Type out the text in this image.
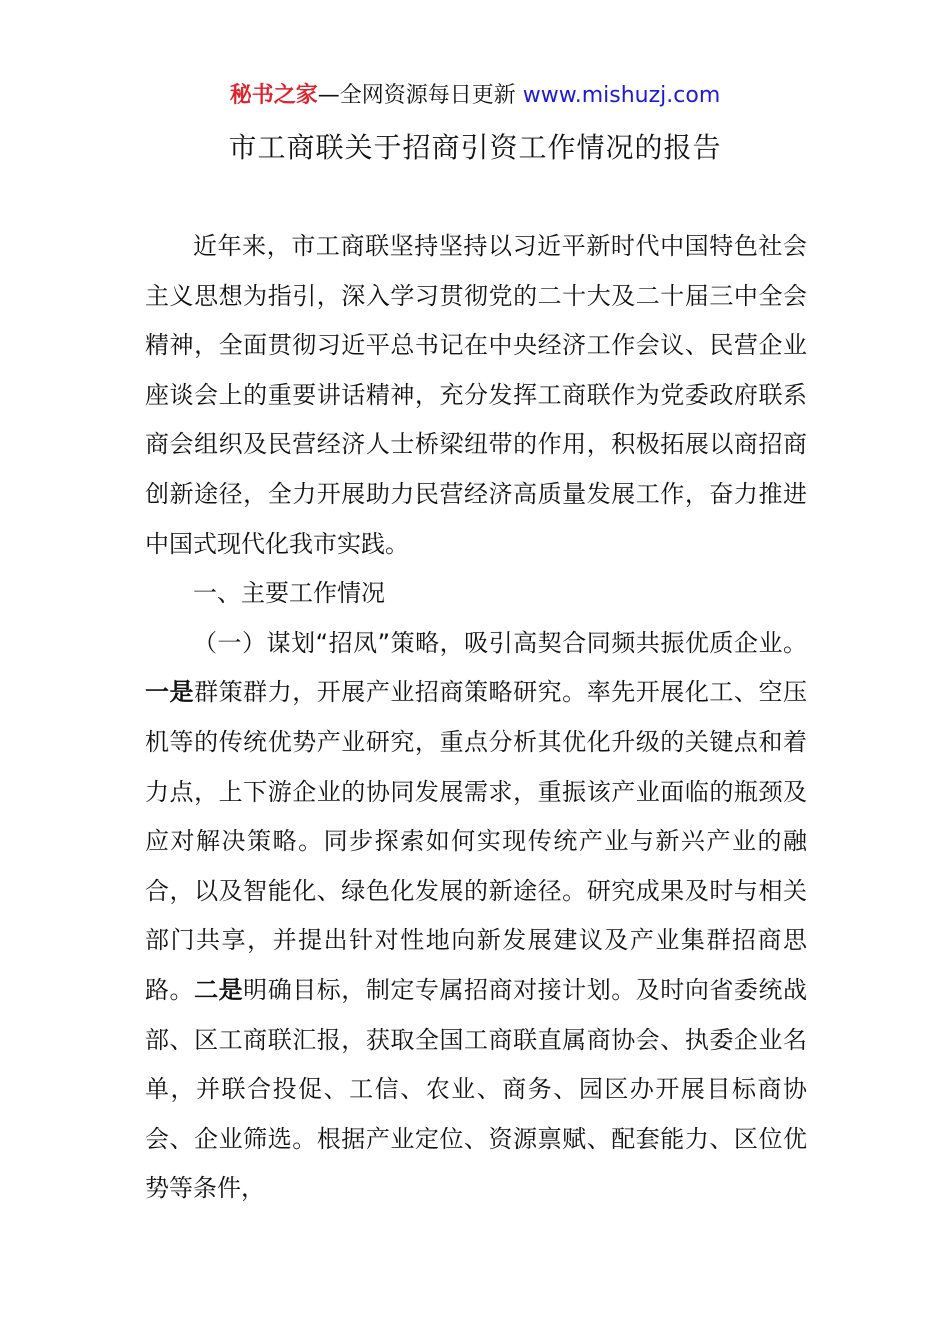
秘书之家—全网资源每日更新 www.mishuzj.com
市工商联关于招商引资工作情况的报告

近年来，市工商联坚持坚持以习近平新时代中国特色社会主义思想为指引，深入学习贯彻党的二十大及二十届三中全会精神，全面贯彻习近平总书记在中央经济工作会议、民营企业座谈会上的重要讲话精神，充分发挥工商联作为党委政府联系商会组织及民营经济人士桥梁纽带的作用，积极拓展以商招商创新途径，全力开展助力民营经济高质量发展工作，奋力推进中国式现代化我市实践。

一、主要工作情况

（一）谋划“招凤”策略，吸引高契合同频共振优质企业。一是群策群力，开展产业招商策略研究。率先开展化工、空压机等的传统优势产业研究，重点分析其优化升级的关键点和着力点，上下游企业的协同发展需求，重振该产业面临的瓶颈及应对解决策略。同步探索如何实现传统产业与新兴产业的融合，以及智能化、绿色化发展的新途径。研究成果及时与相关部门共享，并提出针对性地向新发展建议及产业集群招商思路。二是明确目标，制定专属招商对接计划。及时向省委统战部、区工商联汇报，获取全国工商联直属商协会、执委企业名单，并联合投促、工信、农业、商务、园区办开展目标商协会、企业筛选。根据产业定位、资源禀赋、配套能力、区位优势等条件，
